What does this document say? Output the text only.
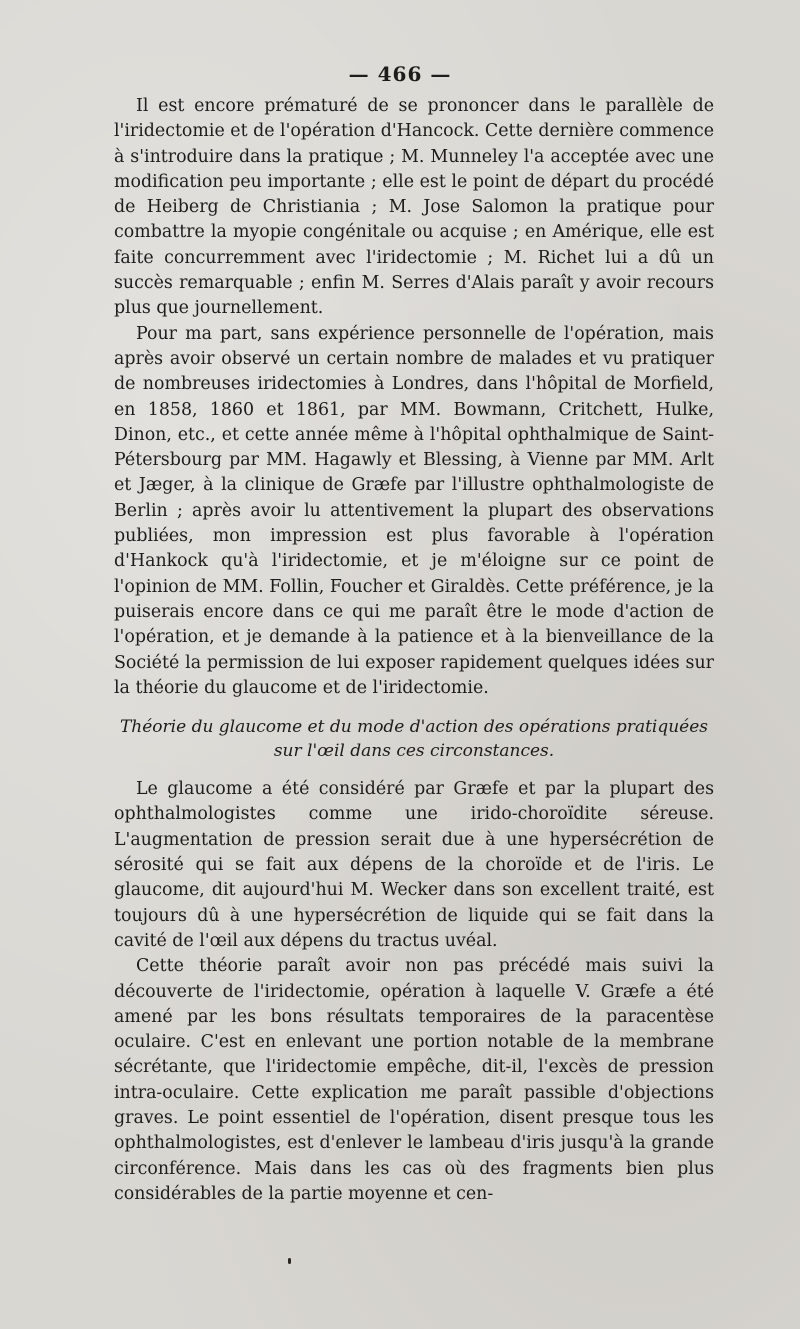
— 466 —

Il est encore prématuré de se prononcer dans le parallèle de l'iridectomie et de l'opération d'Hancock. Cette dernière commence à s'introduire dans la pratique ; M. Munneley l'a acceptée avec une modification peu importante ; elle est le point de départ du procédé de Heiberg de Christiania ; M. Jose Salomon la pratique pour combattre la myopie congénitale ou acquise ; en Amérique, elle est faite concurremment avec l'iridectomie ; M. Richet lui a dû un succès remarquable ; enfin M. Serres d'Alais paraît y avoir recours plus que journellement.

Pour ma part, sans expérience personnelle de l'opération, mais après avoir observé un certain nombre de malades et vu pratiquer de nombreuses iridectomies à Londres, dans l'hôpital de Morfield, en 1858, 1860 et 1861, par MM. Bowmann, Critchett, Hulke, Dinon, etc., et cette année même à l'hôpital ophthalmique de Saint-Pétersbourg par MM. Hagawly et Blessing, à Vienne par MM. Arlt et Jæger, à la clinique de Græfe par l'illustre ophthalmologiste de Berlin ; après avoir lu attentivement la plupart des observations publiées, mon impression est plus favorable à l'opération d'Hankock qu'à l'iridectomie, et je m'éloigne sur ce point de l'opinion de MM. Follin, Foucher et Giraldès. Cette préférence, je la puiserais encore dans ce qui me paraît être le mode d'action de l'opération, et je demande à la patience et à la bienveillance de la Société la permission de lui exposer rapidement quelques idées sur la théorie du glaucome et de l'iridectomie.

Théorie du glaucome et du mode d'action des opérations pratiquées
sur l'œil dans ces circonstances.

Le glaucome a été considéré par Græfe et par la plupart des ophthalmologistes comme une irido-choroïdite séreuse. L'augmentation de pression serait due à une hypersécrétion de sérosité qui se fait aux dépens de la choroïde et de l'iris. Le glaucome, dit aujourd'hui M. Wecker dans son excellent traité, est toujours dû à une hypersécrétion de liquide qui se fait dans la cavité de l'œil aux dépens du tractus uvéal.

Cette théorie paraît avoir non pas précédé mais suivi la découverte de l'iridectomie, opération à laquelle V. Græfe a été amené par les bons résultats temporaires de la paracentèse oculaire. C'est en enlevant une portion notable de la membrane sécrétante, que l'iridectomie empêche, dit-il, l'excès de pression intra-oculaire. Cette explication me paraît passible d'objections graves. Le point essentiel de l'opération, disent presque tous les ophthalmologistes, est d'enlever le lambeau d'iris jusqu'à la grande circonférence. Mais dans les cas où des fragments bien plus considérables de la partie moyenne et cen-
